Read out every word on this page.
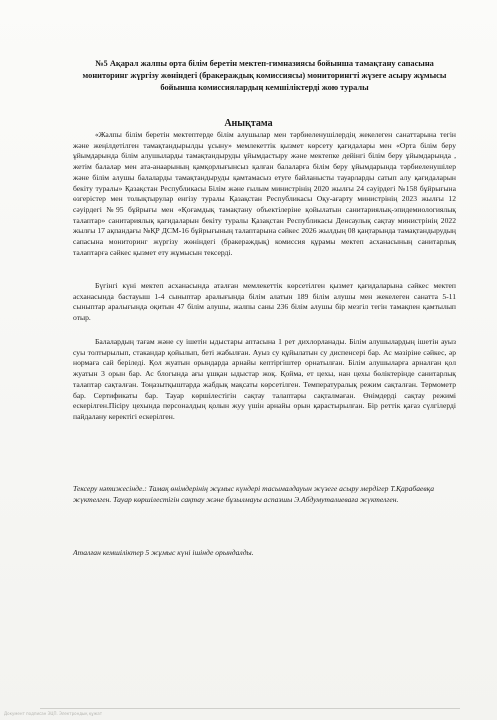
№5 Ақарал жалпы орта білім беретін мектеп-гимназиясы бойынша тамақтану сапасына мониторинг жүргізу жөніндегі (бракераждық комиссиясы) мониторингті жүзеге асыру жұмысы бойынша комиссиялардың кемшіліктерді жою туралы

Анықтама

«Жалпы білім беретін мектептерде білім алушылар мен тәрбиеленушілердің жекелеген санаттарына тегін және жеңілдетілген тамақтандырылды ұсыну» мемлекеттік қызмет көрсету қағидалары мен «Орта білім беру ұйымдарында білім алушыларды тамақтандыруды ұйымдастыру және мектепке дейінгі білім беру ұйымдарында , жетім балалар мен ата-анаарының қамқорлығынсыз қалған балаларға білім беру ұйымдарында тәрбиеленушілер және білім алушы балаларды тамақтандыруды қамтамасыз етуге байланысты тауарларды сатып алу қағидаларын бекіту туралы» Қазақстан Республикасы Білім және ғылым министрінің 2020 жылғы 24 сәуірдегі №158 бұйрығына өзгерістер мен толықтырулар енгізу туралы Қазақстан Республикасы Оқу-ағарту министрінің 2023 жылғы 12 сәуірдегі №95 бұйрығы мен «Қоғамдық тамақтану объектілеріне қойылатын санитариялық-эпидемиологиялық талаптар» санитариялық қағидаларын бекіту туралы Қазақстан Республикасы Денсаулық сақтау министрінің 2022 жылғы 17 ақпандағы №ҚР ДСМ-16 бұйрығының талаптарына сәйкес 2026 жылдың 08 қаңтарында тамақтандырудың сапасына мониторинг жүргізу жөніндегі (бракераждық) комиссия құрамы мектеп асханасының санитарлық талаптарға сәйкес қызмет ету жұмысын тексерді.

Бүгінгі күні мектеп асханасында аталған мемлекеттік көрсетілген қызмет қағидаларына сәйкес мектеп асханасында бастауыш 1-4 сыныптар аралығында білім алатын 189 білім алушы мен жекелеген санатта 5-11 сыныптар аралығында оқитын 47 білім алушы, жалпы саны 236 білім алушы бір мезгіл тегін тамақпен қамтылып отыр.

Балалардың тағам және су ішетін ыдыстары аптасына 1 рет дихлорланады. Білім алушылардың ішетін ауыз суы толтырылып, стакандар қойылып, беті жабылған. Ауыз су құйылатын су диспенсері бар. Ас мәзіріне сәйкес, әр нормаға сай беріледі. Қол жуатын орындарда арнайы кептіргіштер орнатылған. Білім алушыларға арналған қол жуатын 3 орын бар. Ас блогында ағы ұшқан ыдыстар жоқ. Қойма, ет цехы, нан цехы бөліктерінде санитарлық талаптар сақталған. Тоңазытқыштарда жабдық мақсаты көрсетілген. Температуралық режим сақталған. Термометр бар. Сертификаты бар. Тауар көршілестігін сақтау талаптары сақталмаған. Өнімдерді сақтау режимі ескерілген.Пісіру цехында персоналдың қолын жуу үшін арнайы орын қарастырылған. Бір реттік қағаз сүлгілерді пайдалану керектігі ескерілген.

Тексеру нәтижесінде.: Тамақ өнімдерінің жұмыс күндері тасымалдауын жүзеге асыру мердігер Т.Қарабаевқа жүктелген. Тауар көршілестігін сақтау және бұзылмауы аспазшы Э.Абдумуталиеваға жүктелген.

Аталған кемшіліктер 5 жұмыс күні ішінде орындалды.

Документ подписан ЭЦП. Электрондық құжат
